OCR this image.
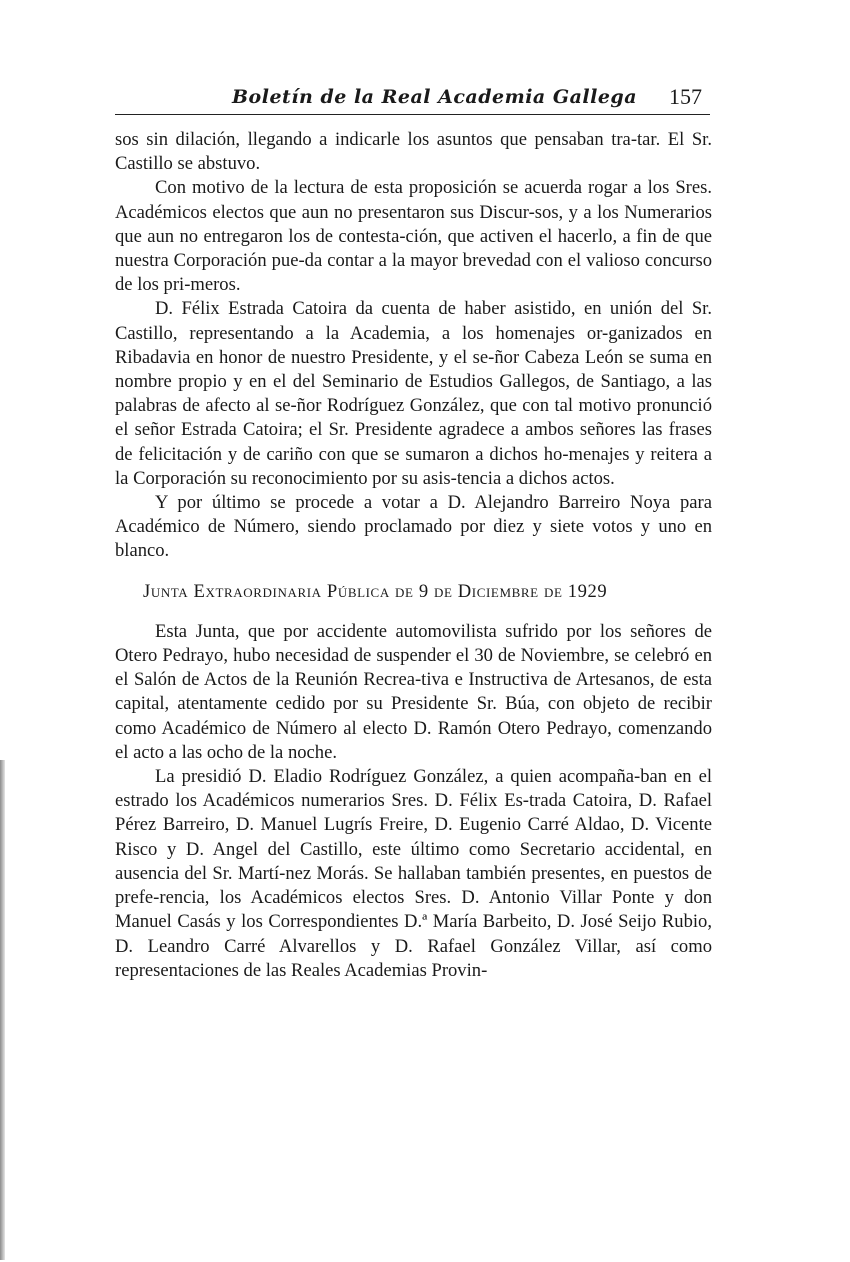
Boletín de la Real Academia Gallega 157

sos sin dilación, llegando a indicarle los asuntos que pensaban tra-tar. El Sr. Castillo se abstuvo.

Con motivo de la lectura de esta proposición se acuerda rogar a los Sres. Académicos electos que aun no presentaron sus Discur-sos, y a los Numerarios que aun no entregaron los de contesta-ción, que activen el hacerlo, a fin de que nuestra Corporación pue-da contar a la mayor brevedad con el valioso concurso de los pri-meros.

D. Félix Estrada Catoira da cuenta de haber asistido, en unión del Sr. Castillo, representando a la Academia, a los homenajes or-ganizados en Ribadavia en honor de nuestro Presidente, y el se-ñor Cabeza León se suma en nombre propio y en el del Seminario de Estudios Gallegos, de Santiago, a las palabras de afecto al se-ñor Rodríguez González, que con tal motivo pronunció el señor Estrada Catoira; el Sr. Presidente agradece a ambos señores las frases de felicitación y de cariño con que se sumaron a dichos ho-menajes y reitera a la Corporación su reconocimiento por su asis-tencia a dichos actos.

Y por último se procede a votar a D. Alejandro Barreiro Noya para Académico de Número, siendo proclamado por diez y siete votos y uno en blanco.

Junta Extraordinaria Pública de 9 de Diciembre de 1929

Esta Junta, que por accidente automovilista sufrido por los señores de Otero Pedrayo, hubo necesidad de suspender el 30 de Noviembre, se celebró en el Salón de Actos de la Reunión Recrea-tiva e Instructiva de Artesanos, de esta capital, atentamente cedido por su Presidente Sr. Búa, con objeto de recibir como Académico de Número al electo D. Ramón Otero Pedrayo, comenzando el acto a las ocho de la noche.

La presidió D. Eladio Rodríguez González, a quien acompaña-ban en el estrado los Académicos numerarios Sres. D. Félix Es-trada Catoira, D. Rafael Pérez Barreiro, D. Manuel Lugrís Freire, D. Eugenio Carré Aldao, D. Vicente Risco y D. Angel del Castillo, este último como Secretario accidental, en ausencia del Sr. Martí-nez Morás. Se hallaban también presentes, en puestos de prefe-rencia, los Académicos electos Sres. D. Antonio Villar Ponte y don Manuel Casás y los Correspondientes D.ª María Barbeito, D. José Seijo Rubio, D. Leandro Carré Alvarellos y D. Rafael González Villar, así como representaciones de las Reales Academias Provin-
